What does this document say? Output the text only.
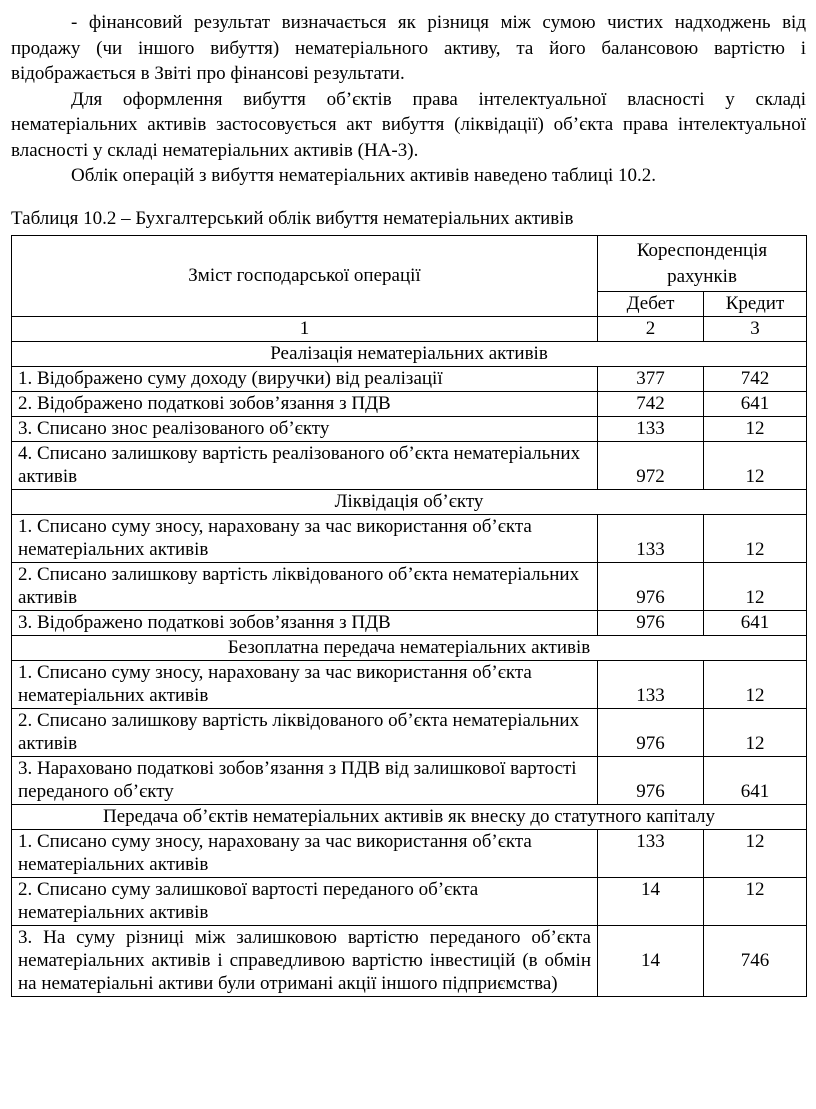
- фінансовий результат визначається як різниця між сумою чистих надходжень від продажу (чи іншого вибуття) нематеріального активу, та його балансовою вартістю і відображається в Звіті про фінансові результати.

Для оформлення вибуття об’єктів права інтелектуальної власності у складі нематеріальних активів застосовується акт вибуття (ліквідації) об’єкта права інтелектуальної власності у складі нематеріальних активів (НА-3).

Облік операцій з вибуття нематеріальних активів наведено таблиці 10.2.

Таблиця 10.2 – Бухгалтерський облік вибуття нематеріальних активів
Зміст господарської операції	Кореспонденція рахунків	
	Дебет	Кредит
1	2	3
Реалізація нематеріальних активів		
1. Відображено суму доходу (виручки) від реалізації	377	742
2. Відображено податкові зобов’язання з ПДВ	742	641
3. Списано знос реалізованого об’єкту	133	12
4. Списано залишкову вартість реалізованого об’єкта нематеріальних активів	972	12
Ліквідація об’єкту		
1. Списано суму зносу, нараховану за час використання об’єкта нематеріальних активів	133	12
2. Списано залишкову вартість ліквідованого об’єкта нематеріальних активів	976	12
3. Відображено податкові зобов’язання з ПДВ	976	641
Безоплатна передача нематеріальних активів		
1. Списано суму зносу, нараховану за час використання об’єкта нематеріальних активів	133	12
2. Списано залишкову вартість ліквідованого об’єкта нематеріальних активів	976	12
3. Нараховано податкові зобов’язання з ПДВ від залишкової вартості переданого об’єкту	976	641
Передача об’єктів нематеріальних активів як внеску до статутного капіталу		
1. Списано суму зносу, нараховану за час використання об’єкта нематеріальних активів	133	12
2. Списано суму залишкової вартості переданого об’єкта нематеріальних активів	14	12
3. На суму різниці між залишковою вартістю переданого об’єкта нематеріальних активів і справедливою вартістю інвестицій (в обмін на нематеріальні активи були отримані акції іншого підприємства)	14	746
